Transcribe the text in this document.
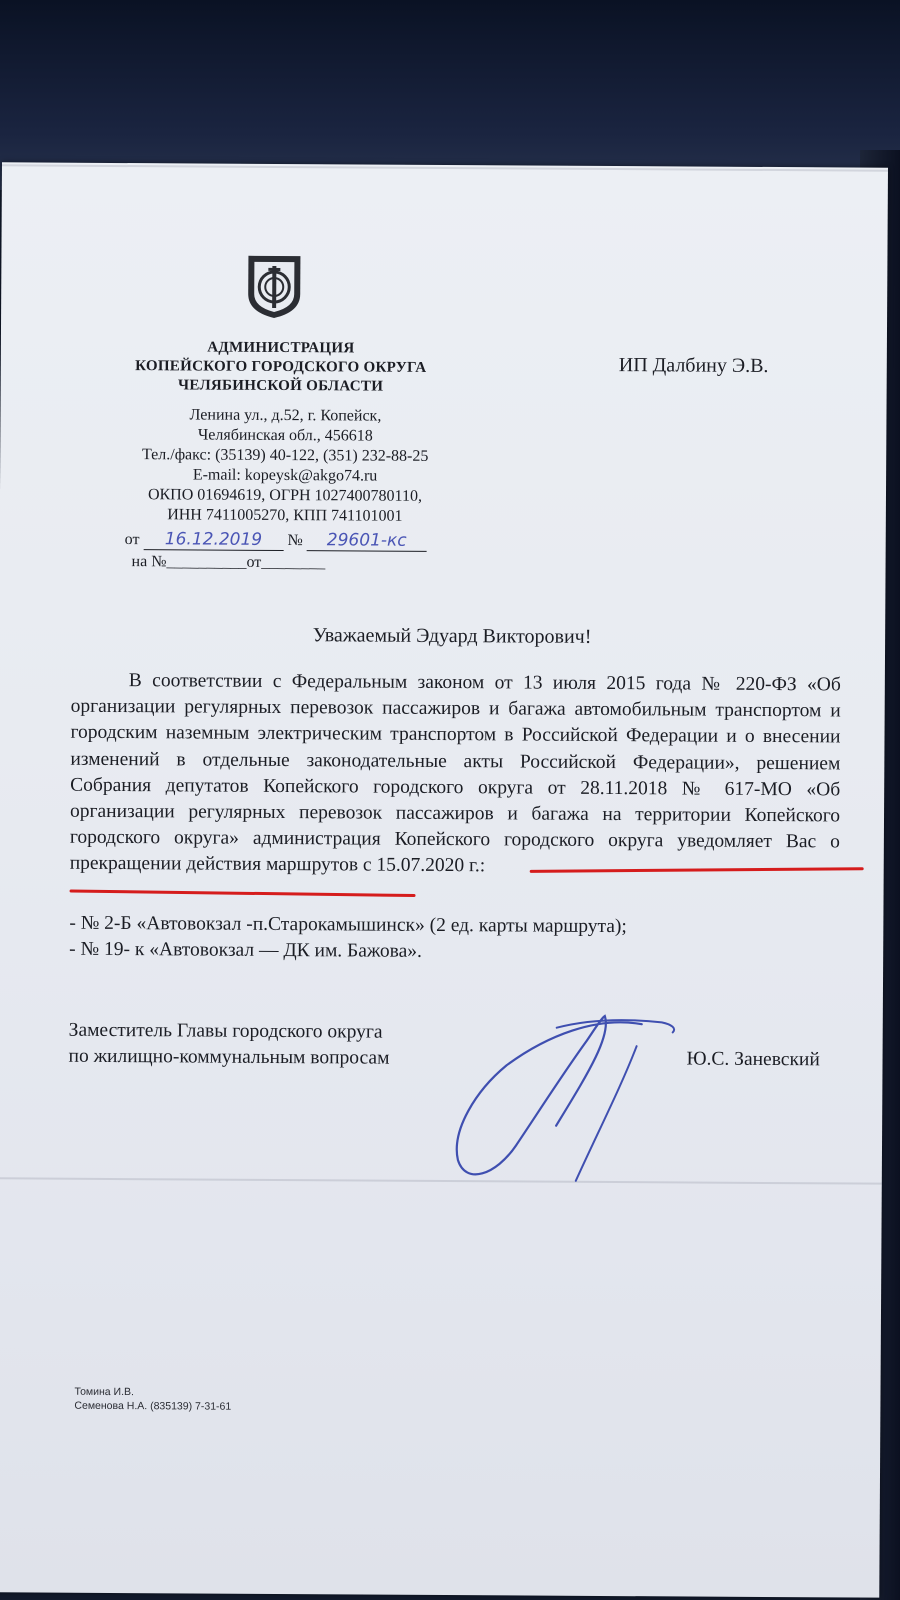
АДМИНИСТРАЦИЯ
КОПЕЙСКОГО ГОРОДСКОГО ОКРУГА
ЧЕЛЯБИНСКОЙ ОБЛАСТИ
Ленина ул., д.52, г. Копейск,
Челябинская обл., 456618
Тел./факс: (35139) 40-122, (351) 232-88-25
E-mail: kopeysk@akgo74.ru
ОКПО 01694619, ОГРН 1027400780110,
ИНН 7411005270, КПП 741101001
от 16.12.2019 № 29601-кс
на №__________от________
ИП Далбину Э.В.
Уважаемый Эдуард Викторович!

В соответствии с Федеральным законом от 13 июля 2015 года № 220-ФЗ «Об организации регулярных перевозок пассажиров и багажа автомобильным транспортом и городским наземным электрическим транспортом в Российской Федерации и о внесении изменений в отдельные законодательные акты Российской Федерации», решением Собрания депутатов Копейского городского округа от 28.11.2018 № 617-МО «Об организации регулярных перевозок пассажиров и багажа на территории Копейского городского округа» администрация Копейского городского округа уведомляет Вас о прекращении действия маршрутов с 15.07.2020 г.:

- № 2-Б «Автовокзал -п.Старокамышинск» (2 ед. карты маршрута);
- № 19- к «Автовокзал — ДК им. Бажова».
Заместитель Главы городского округа
по жилищно-коммунальным вопросам	Ю.С. Заневский
Томина И.В.
Семенова Н.А. (835139) 7-31-61
